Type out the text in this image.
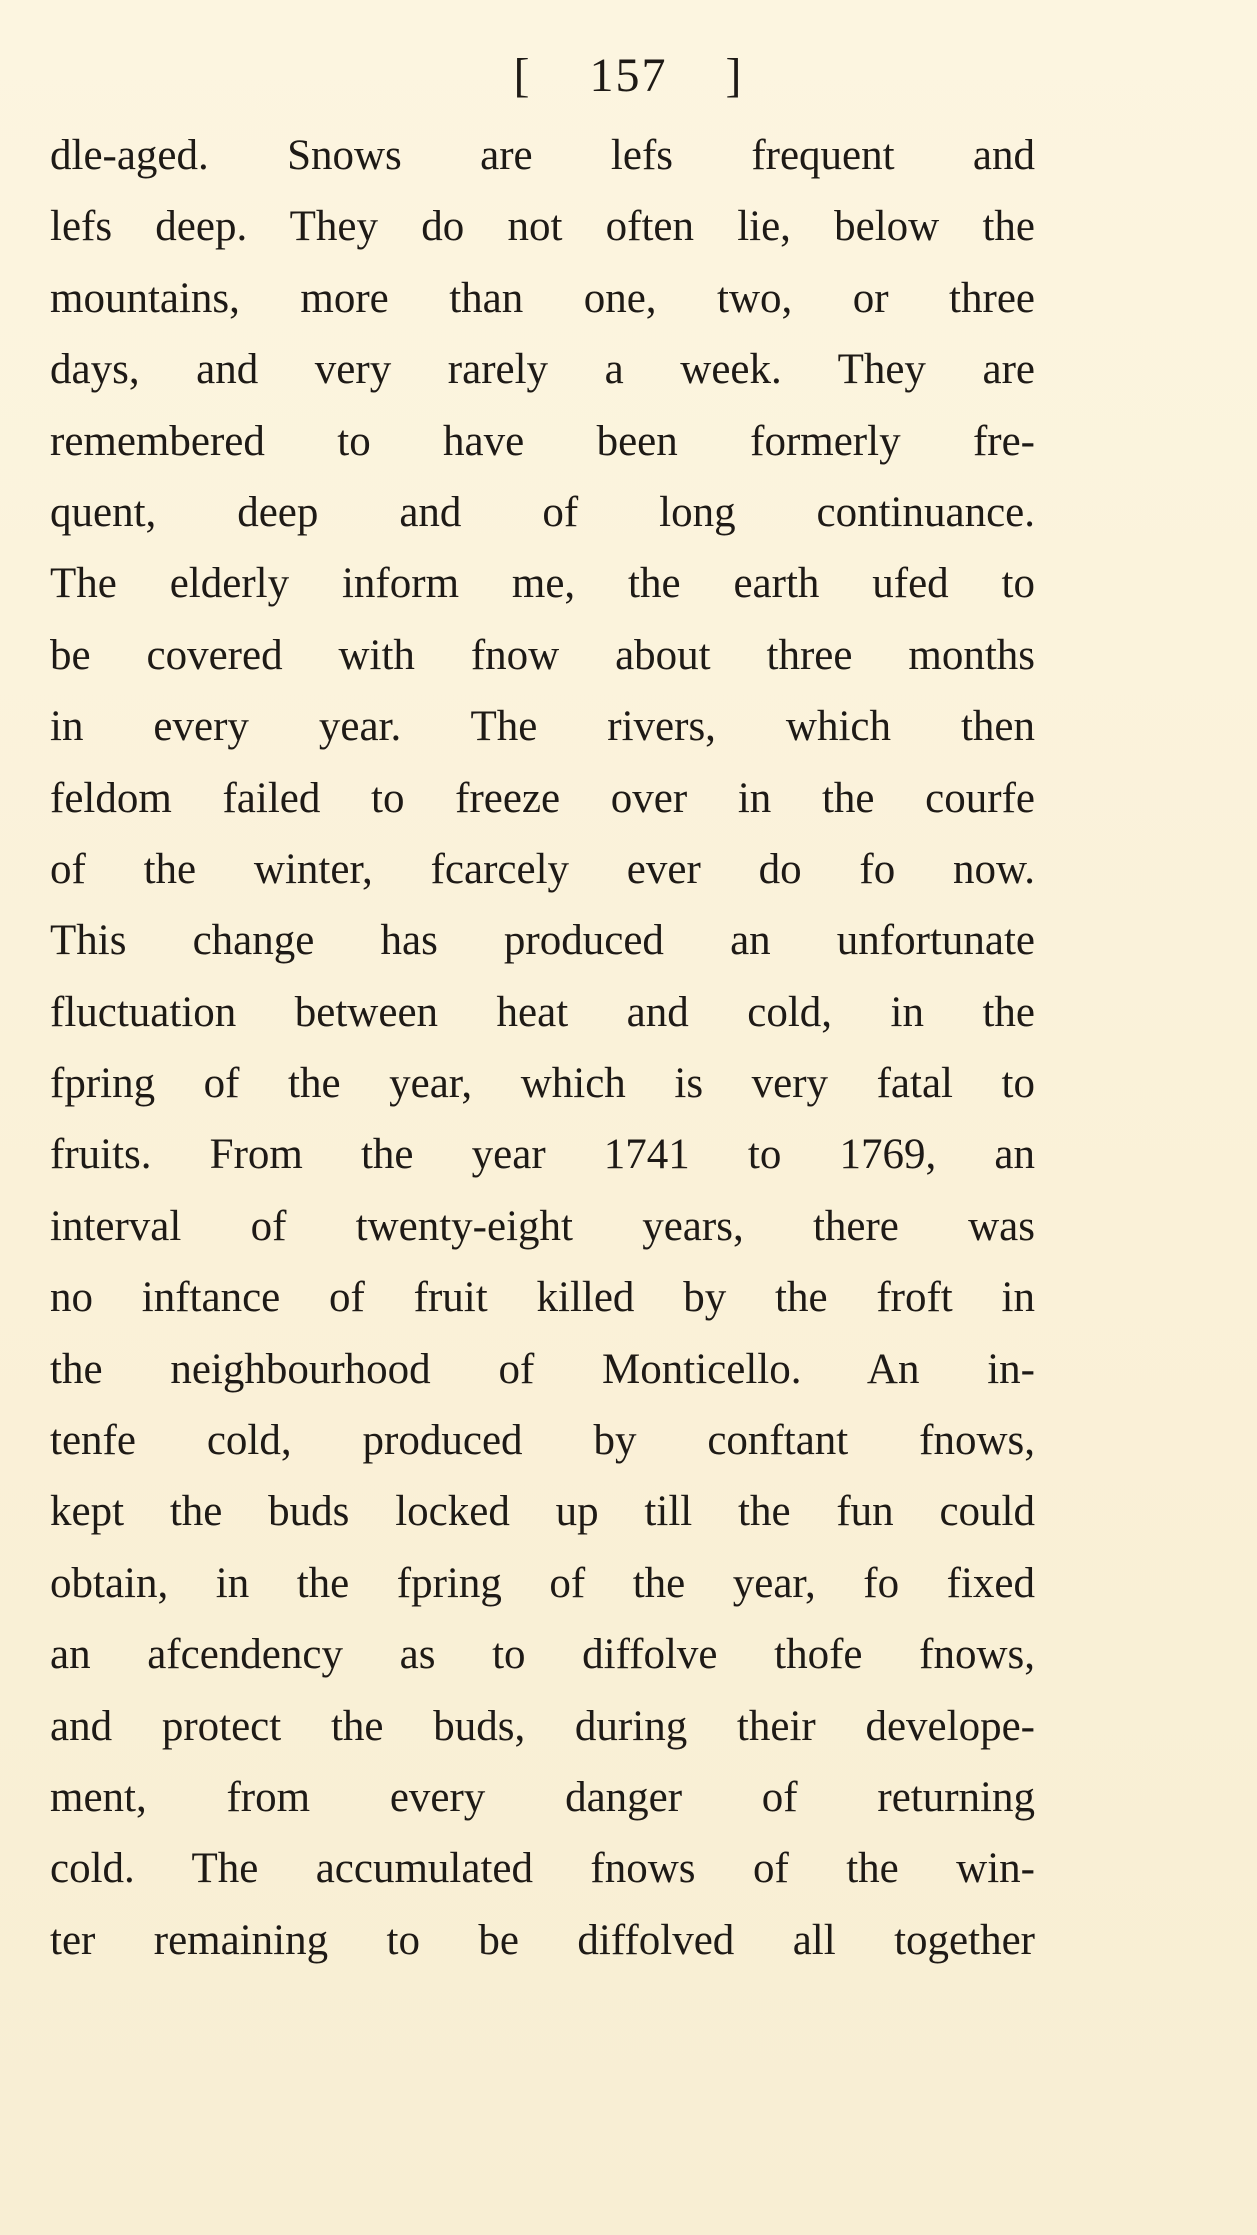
[ 157 ]
dle-aged. Snows are lefs frequent and
lefs deep. They do not often lie, below the
mountains, more than one, two, or three
days, and very rarely a week. They are
remembered to have been formerly fre-
quent, deep and of long continuance.
The elderly inform me, the earth ufed to
be covered with fnow about three months
in every year. The rivers, which then
feldom failed to freeze over in the courfe
of the winter, fcarcely ever do fo now.
This change has produced an unfortunate
fluctuation between heat and cold, in the
fpring of the year, which is very fatal to
fruits. From the year 1741 to 1769, an
interval of twenty-eight years, there was
no inftance of fruit killed by the froft in
the neighbourhood of Monticello. An in-
tenfe cold, produced by conftant fnows,
kept the buds locked up till the fun could
obtain, in the fpring of the year, fo fixed
an afcendency as to diffolve thofe fnows,
and protect the buds, during their develope-
ment, from every danger of returning
cold. The accumulated fnows of the win-
ter remaining to be diffolved all together
